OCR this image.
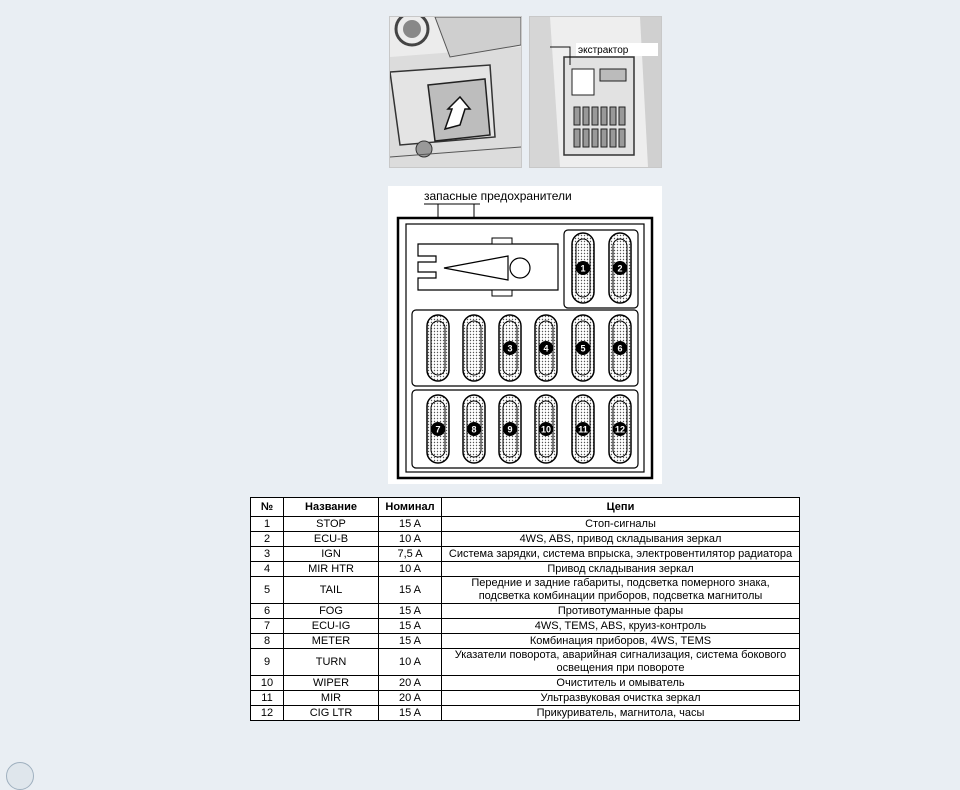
экстрактор
запасные предохранители
1	2
3	4	5	6
7	8	9	10	11	12
№	Название	Номинал	Цепи
1	STOP	15 A	Стоп-сигналы
2	ECU-B	10 A	4WS, ABS, привод складывания зеркал
3	IGN	7,5 A	Система зарядки, система впрыска, электровентилятор радиатора
4	MIR HTR	10 A	Привод складывания зеркал
5	TAIL	15 A	Передние и задние габариты, подсветка померного знака, подсветка комбинации приборов, подсветка магнитолы
6	FOG	15 A	Противотуманные фары
7	ECU-IG	15 A	4WS, TEMS, ABS, круиз-контроль
8	METER	15 A	Комбинация приборов, 4WS, TEMS
9	TURN	10 A	Указатели поворота, аварийная сигнализация, система бокового освещения при повороте
10	WIPER	20 A	Очиститель и омыватель
11	MIR	20 A	Ультразвуковая очистка зеркал
12	CIG LTR	15 A	Прикуриватель, магнитола, часы
